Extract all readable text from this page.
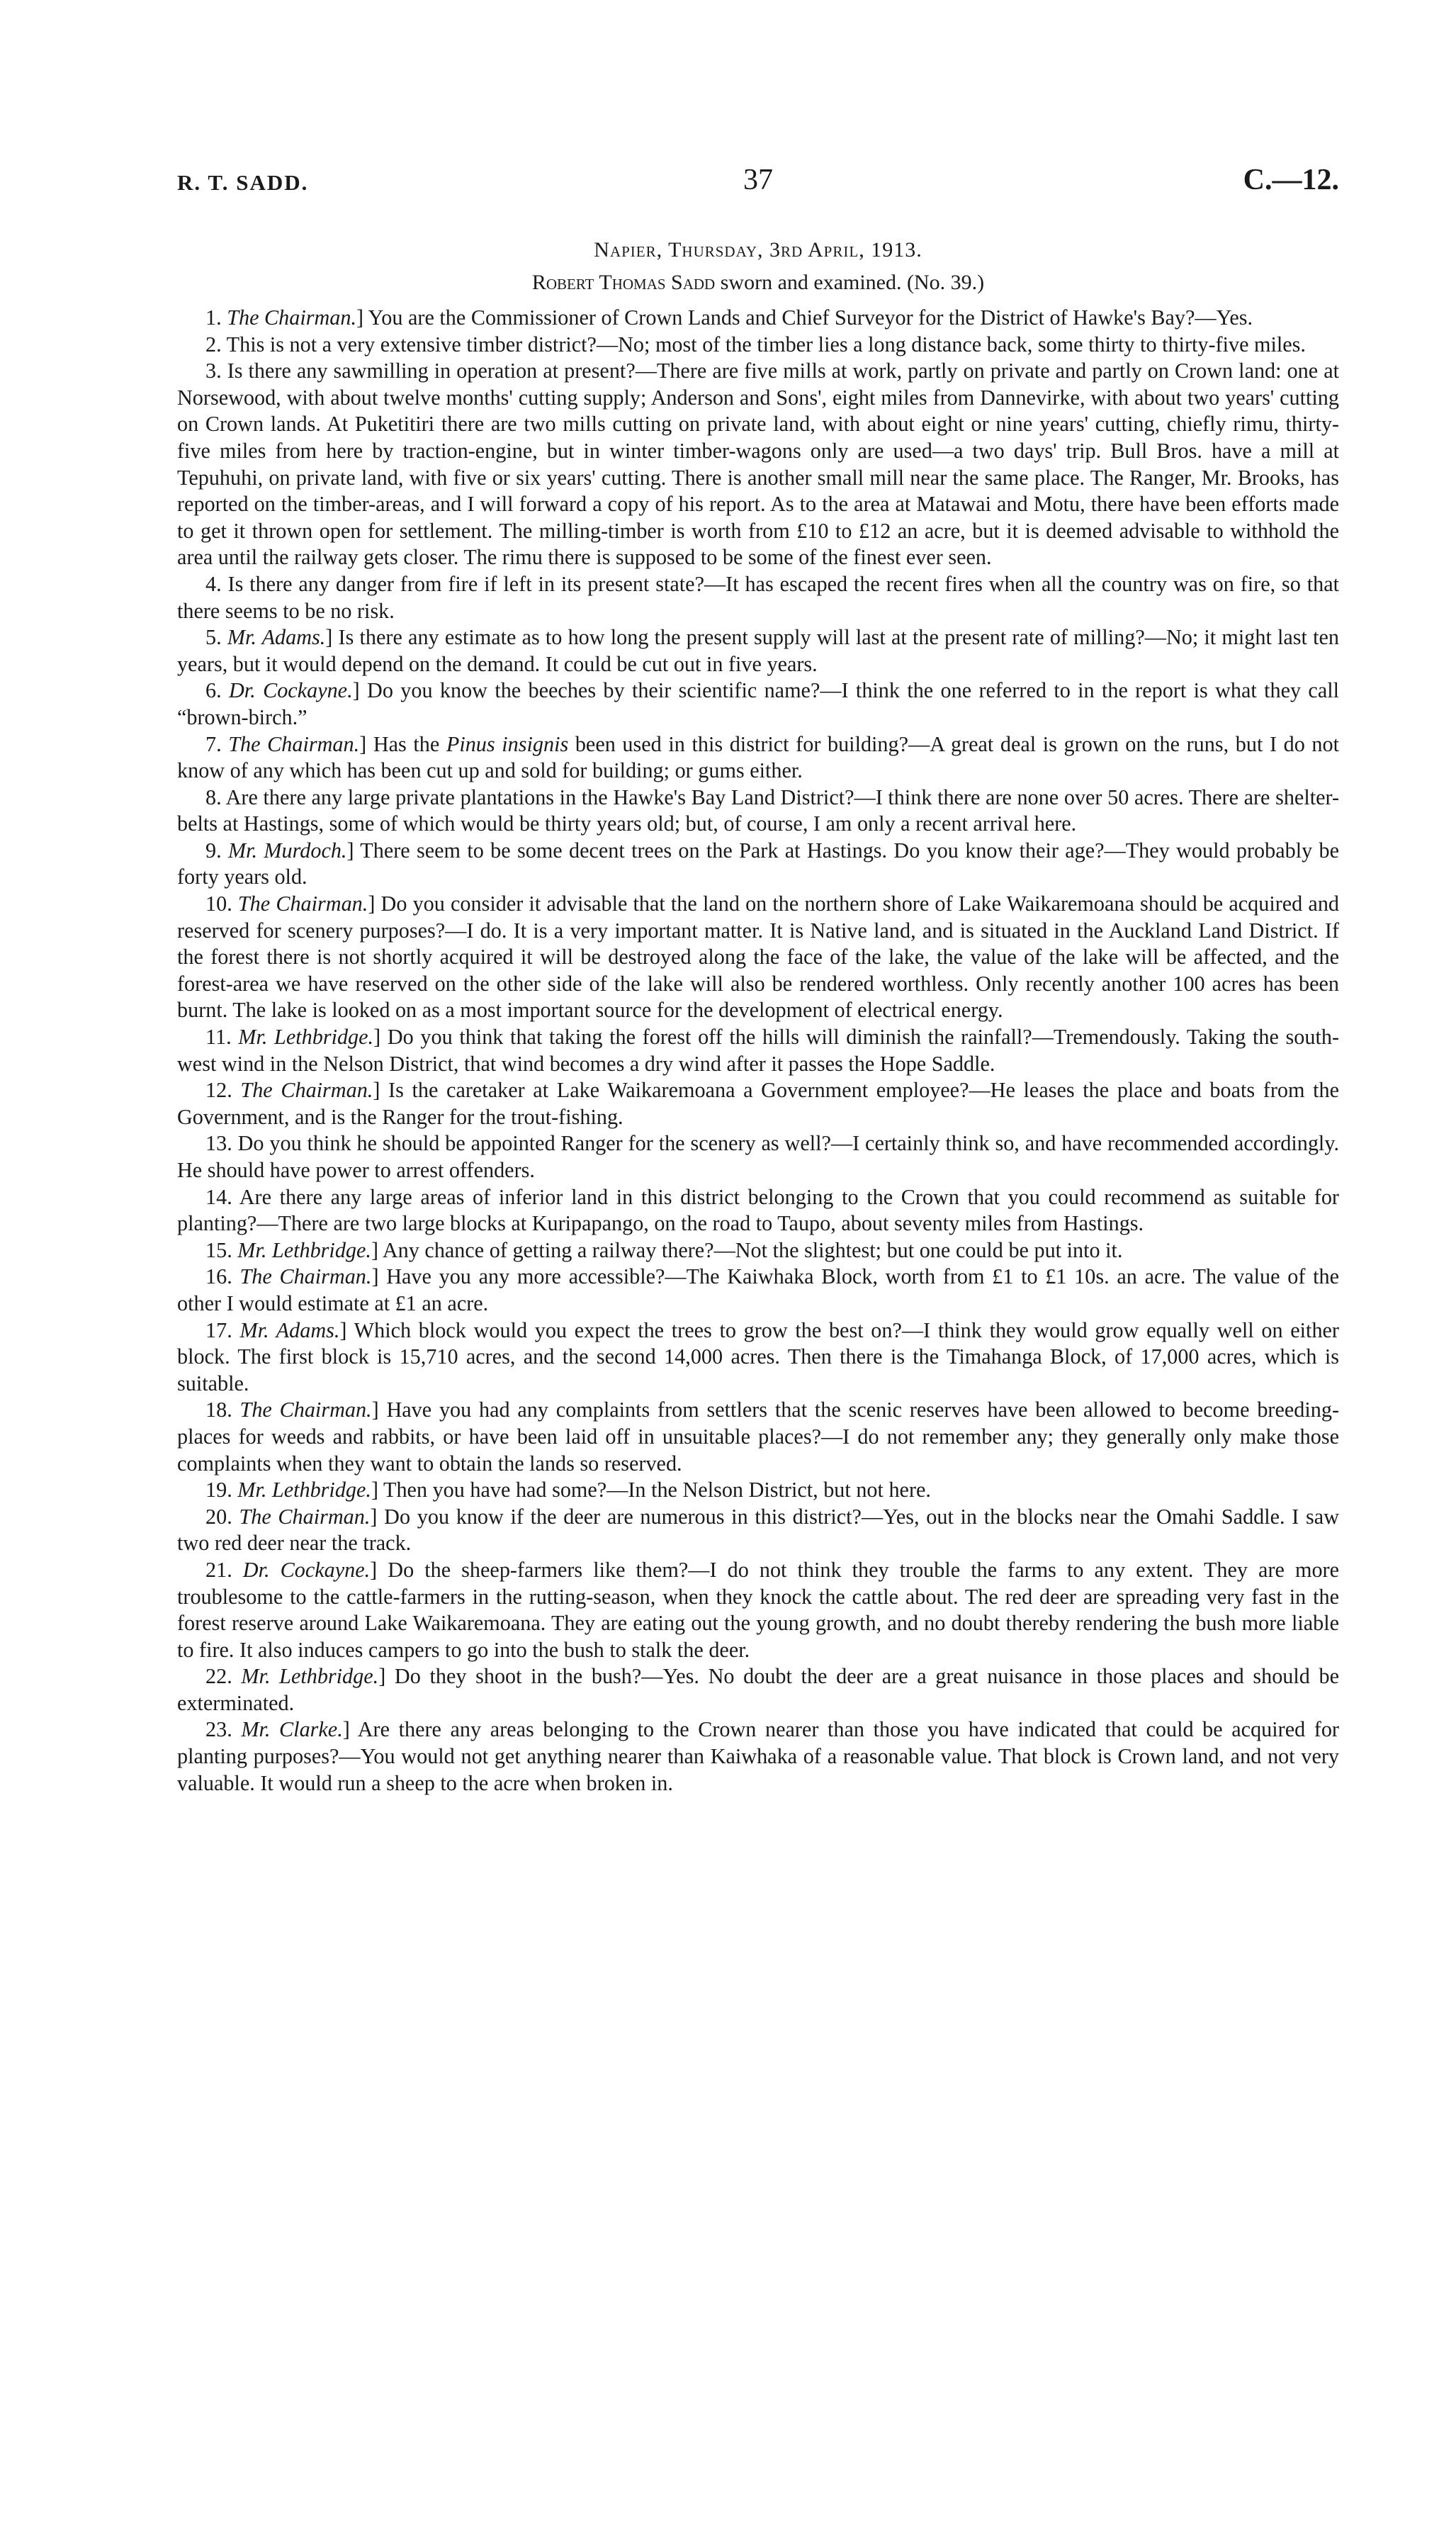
R. T. SADD.	37	C.—12.
Napier, Thursday, 3rd April, 1913.
Robert Thomas Sadd sworn and examined. (No. 39.)

1. The Chairman.] You are the Commissioner of Crown Lands and Chief Surveyor for the District of Hawke's Bay?—Yes.

2. This is not a very extensive timber district?—No; most of the timber lies a long distance back, some thirty to thirty-five miles.

3. Is there any sawmilling in operation at present?—There are five mills at work, partly on private and partly on Crown land: one at Norsewood, with about twelve months' cutting supply; Anderson and Sons', eight miles from Dannevirke, with about two years' cutting on Crown lands. At Puketitiri there are two mills cutting on private land, with about eight or nine years' cutting, chiefly rimu, thirty-five miles from here by traction-engine, but in winter timber-wagons only are used—a two days' trip. Bull Bros. have a mill at Tepuhuhi, on private land, with five or six years' cutting. There is another small mill near the same place. The Ranger, Mr. Brooks, has reported on the timber-areas, and I will forward a copy of his report. As to the area at Matawai and Motu, there have been efforts made to get it thrown open for settlement. The milling-timber is worth from £10 to £12 an acre, but it is deemed advisable to withhold the area until the railway gets closer. The rimu there is supposed to be some of the finest ever seen.

4. Is there any danger from fire if left in its present state?—It has escaped the recent fires when all the country was on fire, so that there seems to be no risk.

5. Mr. Adams.] Is there any estimate as to how long the present supply will last at the present rate of milling?—No; it might last ten years, but it would depend on the demand. It could be cut out in five years.

6. Dr. Cockayne.] Do you know the beeches by their scientific name?—I think the one referred to in the report is what they call “brown-birch.”

7. The Chairman.] Has the Pinus insignis been used in this district for building?—A great deal is grown on the runs, but I do not know of any which has been cut up and sold for building; or gums either.

8. Are there any large private plantations in the Hawke's Bay Land District?—I think there are none over 50 acres. There are shelter-belts at Hastings, some of which would be thirty years old; but, of course, I am only a recent arrival here.

9. Mr. Murdoch.] There seem to be some decent trees on the Park at Hastings. Do you know their age?—They would probably be forty years old.

10. The Chairman.] Do you consider it advisable that the land on the northern shore of Lake Waikaremoana should be acquired and reserved for scenery purposes?—I do. It is a very important matter. It is Native land, and is situated in the Auckland Land District. If the forest there is not shortly acquired it will be destroyed along the face of the lake, the value of the lake will be affected, and the forest-area we have reserved on the other side of the lake will also be rendered worthless. Only recently another 100 acres has been burnt. The lake is looked on as a most important source for the development of electrical energy.

11. Mr. Lethbridge.] Do you think that taking the forest off the hills will diminish the rainfall?—Tremendously. Taking the south-west wind in the Nelson District, that wind becomes a dry wind after it passes the Hope Saddle.

12. The Chairman.] Is the caretaker at Lake Waikaremoana a Government employee?—He leases the place and boats from the Government, and is the Ranger for the trout-fishing.

13. Do you think he should be appointed Ranger for the scenery as well?—I certainly think so, and have recommended accordingly. He should have power to arrest offenders.

14. Are there any large areas of inferior land in this district belonging to the Crown that you could recommend as suitable for planting?—There are two large blocks at Kuripapango, on the road to Taupo, about seventy miles from Hastings.

15. Mr. Lethbridge.] Any chance of getting a railway there?—Not the slightest; but one could be put into it.

16. The Chairman.] Have you any more accessible?—The Kaiwhaka Block, worth from £1 to £1 10s. an acre. The value of the other I would estimate at £1 an acre.

17. Mr. Adams.] Which block would you expect the trees to grow the best on?—I think they would grow equally well on either block. The first block is 15,710 acres, and the second 14,000 acres. Then there is the Timahanga Block, of 17,000 acres, which is suitable.

18. The Chairman.] Have you had any complaints from settlers that the scenic reserves have been allowed to become breeding-places for weeds and rabbits, or have been laid off in unsuitable places?—I do not remember any; they generally only make those complaints when they want to obtain the lands so reserved.

19. Mr. Lethbridge.] Then you have had some?—In the Nelson District, but not here.

20. The Chairman.] Do you know if the deer are numerous in this district?—Yes, out in the blocks near the Omahi Saddle. I saw two red deer near the track.

21. Dr. Cockayne.] Do the sheep-farmers like them?—I do not think they trouble the farms to any extent. They are more troublesome to the cattle-farmers in the rutting-season, when they knock the cattle about. The red deer are spreading very fast in the forest reserve around Lake Waikaremoana. They are eating out the young growth, and no doubt thereby rendering the bush more liable to fire. It also induces campers to go into the bush to stalk the deer.

22. Mr. Lethbridge.] Do they shoot in the bush?—Yes. No doubt the deer are a great nuisance in those places and should be exterminated.

23. Mr. Clarke.] Are there any areas belonging to the Crown nearer than those you have indicated that could be acquired for planting purposes?—You would not get anything nearer than Kaiwhaka of a reasonable value. That block is Crown land, and not very valuable. It would run a sheep to the acre when broken in.
